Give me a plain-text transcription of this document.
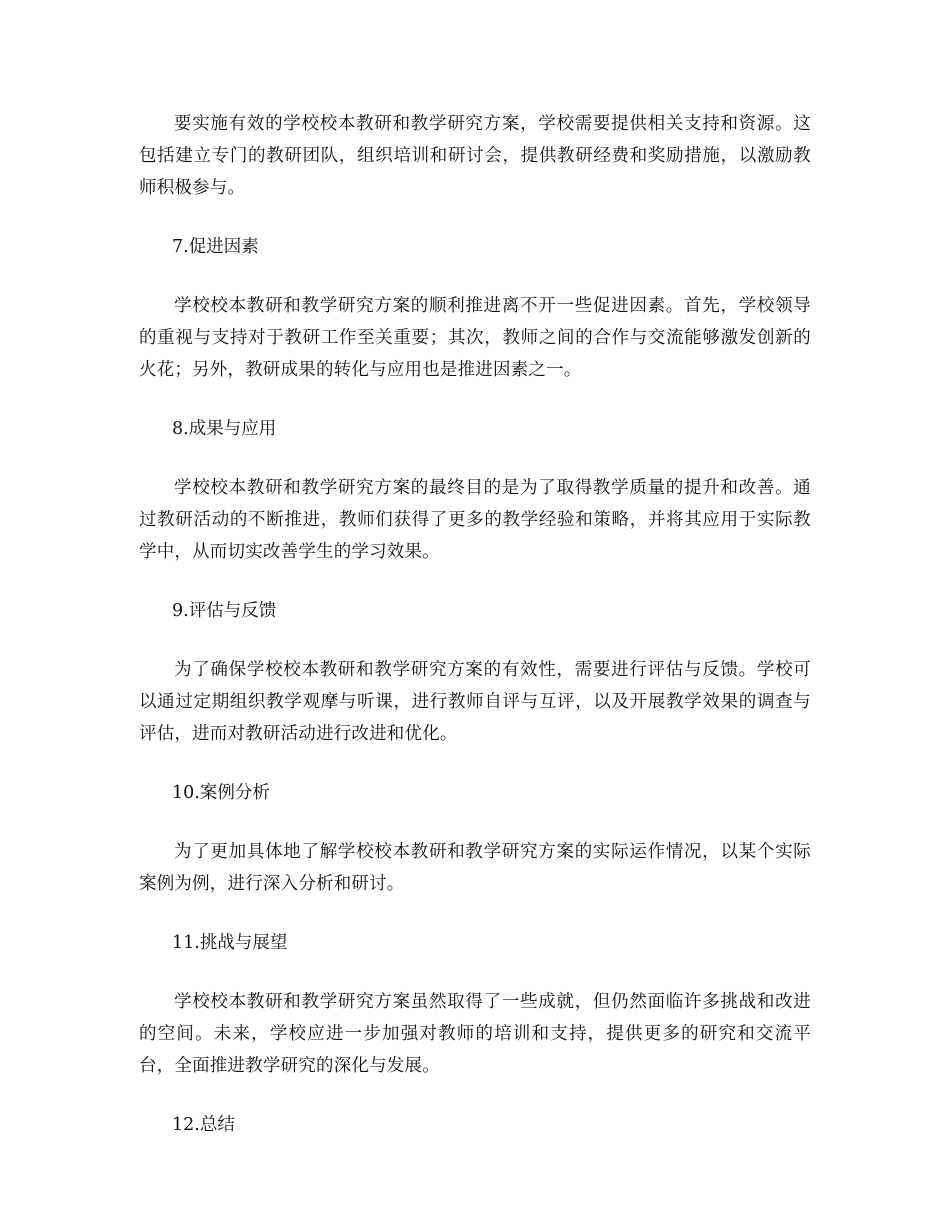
要实施有效的学校校本教研和教学研究方案，学校需要提供相关支持和资源。这包括建立专门的教研团队，组织培训和研讨会，提供教研经费和奖励措施，以激励教师积极参与。

7.促进因素

学校校本教研和教学研究方案的顺利推进离不开一些促进因素。首先，学校领导的重视与支持对于教研工作至关重要；其次，教师之间的合作与交流能够激发创新的火花；另外，教研成果的转化与应用也是推进因素之一。

8.成果与应用

学校校本教研和教学研究方案的最终目的是为了取得教学质量的提升和改善。通过教研活动的不断推进，教师们获得了更多的教学经验和策略，并将其应用于实际教学中，从而切实改善学生的学习效果。

9.评估与反馈

为了确保学校校本教研和教学研究方案的有效性，需要进行评估与反馈。学校可以通过定期组织教学观摩与听课，进行教师自评与互评，以及开展教学效果的调查与评估，进而对教研活动进行改进和优化。

10.案例分析

为了更加具体地了解学校校本教研和教学研究方案的实际运作情况，以某个实际案例为例，进行深入分析和研讨。

11.挑战与展望

学校校本教研和教学研究方案虽然取得了一些成就，但仍然面临许多挑战和改进的空间。未来，学校应进一步加强对教师的培训和支持，提供更多的研究和交流平台，全面推进教学研究的深化与发展。

12.总结
